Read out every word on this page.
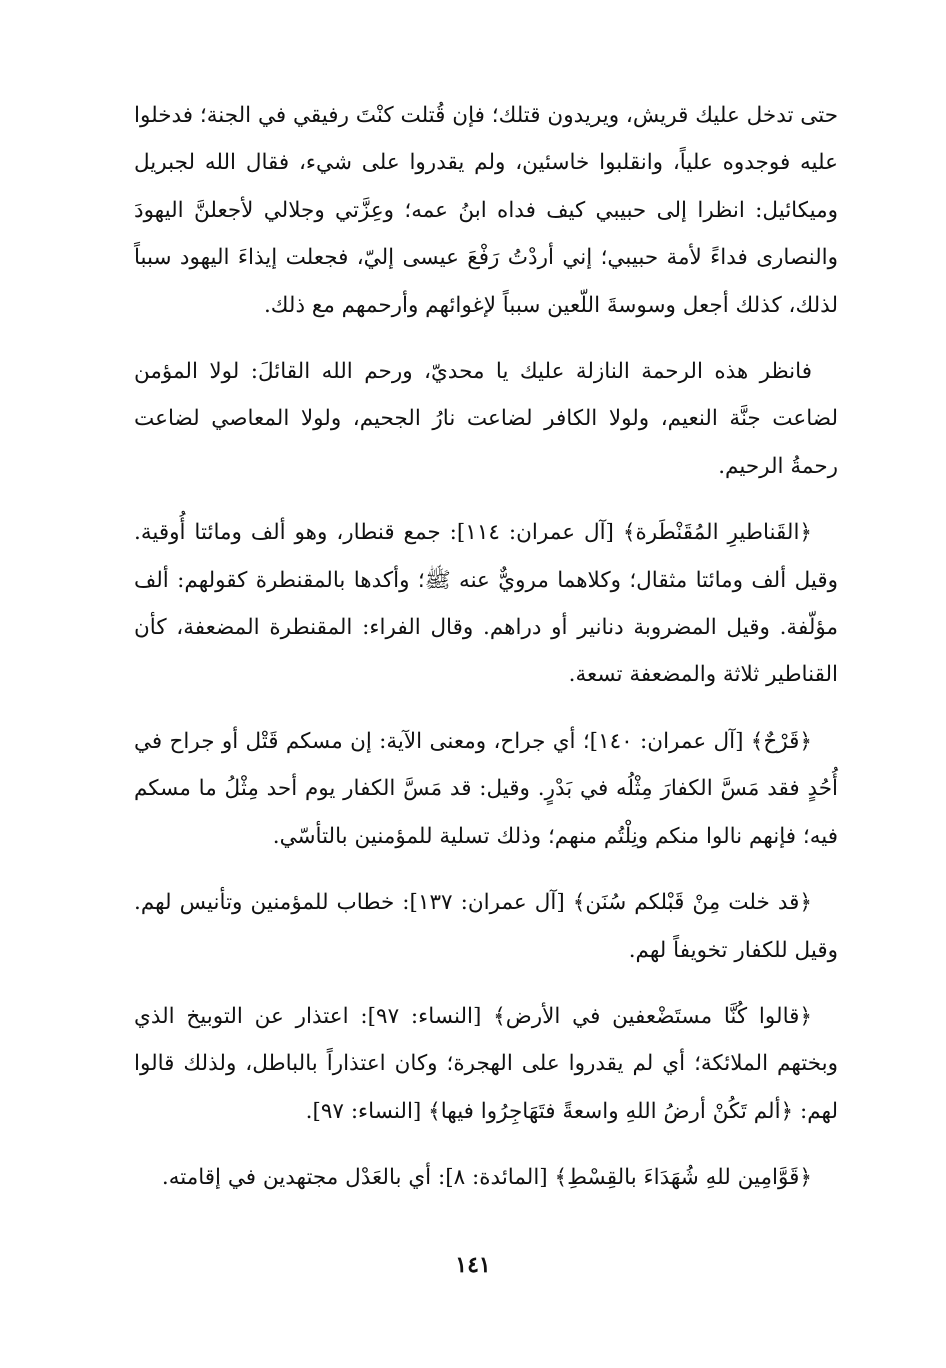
حتى تدخل عليك قريش، ويريدون قتلك؛ فإن قُتلت كنْتَ رفيقي في الجنة؛ فدخلوا عليه فوجدوه علياً، وانقلبوا خاسئين، ولم يقدروا على شيء، فقال الله لجبريل وميكائيل: انظرا إلى حبيبي كيف فداه ابنُ عمه؛ وعِزَّتي وجلالي لأجعلنَّ اليهودَ والنصارى فداءً لأمة حبيبي؛ إني أردْتُ رَفْعَ عيسى إليّ، فجعلت إيذاءَ اليهود سبباً لذلك، كذلك أجعل وسوسةَ اللّعين سبباً لإغوائهم وأرحمهم مع ذلك.

فانظر هذه الرحمة النازلة عليك يا محديّ، ورحم الله القائلَ: لولا المؤمن لضاعت جنَّة النعيم، ولولا الكافر لضاعت نارُ الجحيم، ولولا المعاصي لضاعت رحمةُ الرحيم.

﴿القَناطيرِ المُقَنْطَرة﴾ [آل عمران: ١١٤]: جمع قنطار، وهو ألف ومائتا أُوقية. وقيل ألف ومائتا مثقال؛ وكلاهما مرويٌّ عنه ﷺ؛ وأكدها بالمقنطرة كقولهم: ألف مؤلّفة. وقيل المضروبة دنانير أو دراهم. وقال الفراء: المقنطرة المضعفة، كأن القناطير ثلاثة والمضعفة تسعة.

﴿قَرْحٌ﴾ [آل عمران: ١٤٠]؛ أي جراح، ومعنى الآية: إن مسكم قَتْل أو جراح في أُحُدٍ فقد مَسَّ الكفارَ مِثْلُه في بَدْرٍ. وقيل: قد مَسَّ الكفار يوم أحد مِثْلُ ما مسكم فيه؛ فإنهم نالوا منكم ونِلْتُم منهم؛ وذلك تسلية للمؤمنين بالتأسّي.

﴿قد خلت مِنْ قَبْلكم سُنَن﴾ [آل عمران: ١٣٧]: خطاب للمؤمنين وتأنيس لهم. وقيل للكفار تخويفاً لهم.

﴿قالوا كُنَّا مستَضْعفين في الأرض﴾ [النساء: ٩٧]: اعتذار عن التوبيخ الذي وبختهم الملائكة؛ أي لم يقدروا على الهجرة؛ وكان اعتذاراً بالباطل، ولذلك قالوا لهم: ﴿ألم تَكُنْ أرضُ اللهِ واسعةً فتَهَاجِرُوا فيها﴾ [النساء: ٩٧].

﴿قَوَّامِين للهِ شُهَدَاءَ بالقِسْطِ﴾ [المائدة: ٨]: أي بالعَدْل مجتهدين في إقامته.

١٤١
